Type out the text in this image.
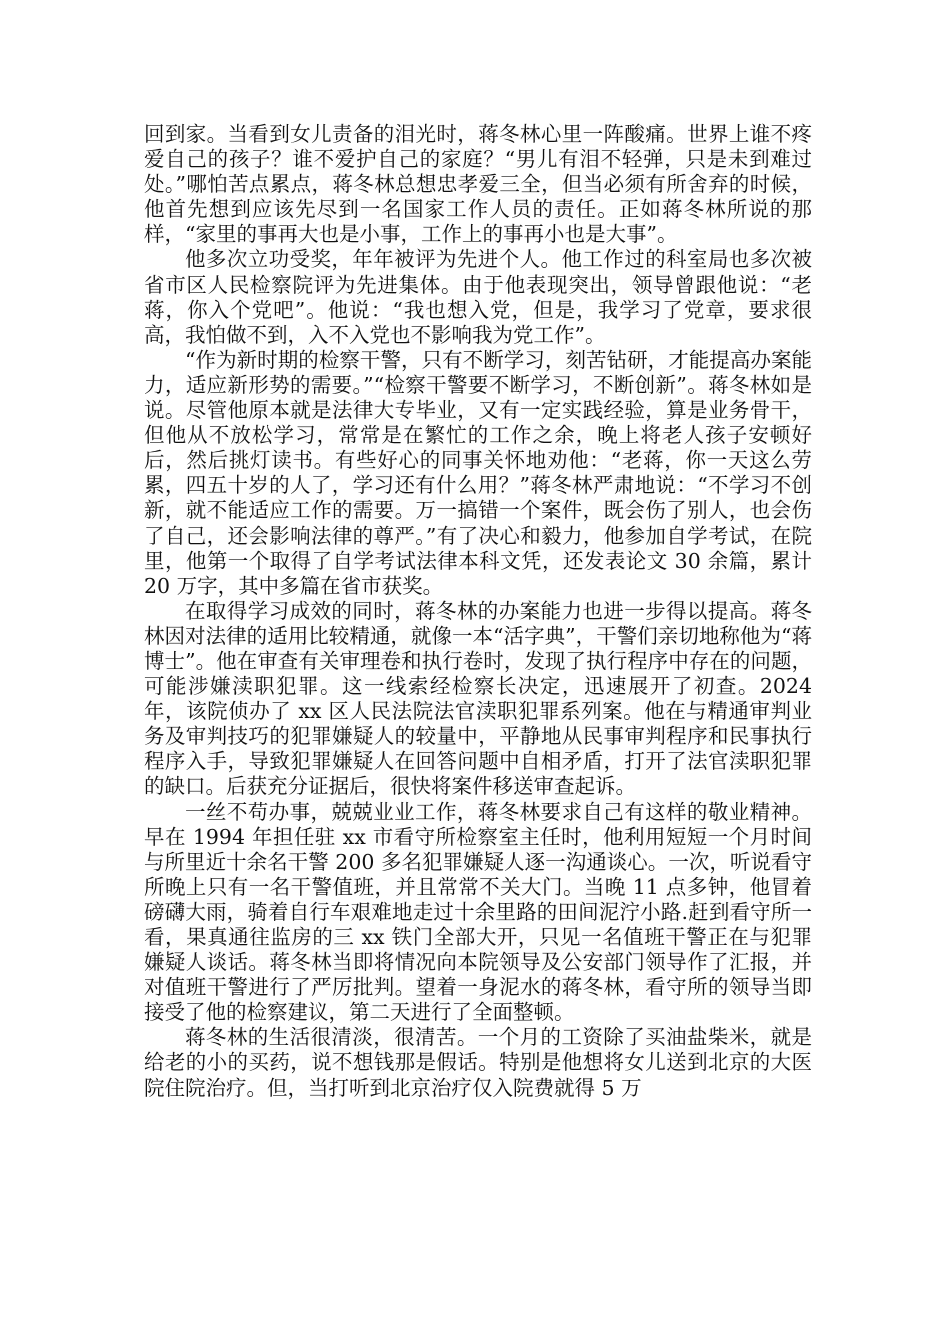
回到家。当看到女儿责备的泪光时，蒋冬林心里一阵酸痛。世界上谁不疼爱自己的孩子？谁不爱护自己的家庭？“男儿有泪不轻弹，只是未到难过处。”哪怕苦点累点，蒋冬林总想忠孝爱三全，但当必须有所舍弃的时候，他首先想到应该先尽到一名国家工作人员的责任。正如蒋冬林所说的那样，“家里的事再大也是小事，工作上的事再小也是大事”。

他多次立功受奖，年年被评为先进个人。他工作过的科室局也多次被省市区人民检察院评为先进集体。由于他表现突出，领导曾跟他说：“老蒋，你入个党吧”。他说：“我也想入党，但是，我学习了党章，要求很高，我怕做不到，入不入党也不影响我为党工作”。

“作为新时期的检察干警，只有不断学习，刻苦钻研，才能提高办案能力，适应新形势的需要。”“检察干警要不断学习，不断创新”。蒋冬林如是说。尽管他原本就是法律大专毕业，又有一定实践经验，算是业务骨干，但他从不放松学习，常常是在繁忙的工作之余，晚上将老人孩子安顿好后，然后挑灯读书。有些好心的同事关怀地劝他：“老蒋，你一天这么劳累，四五十岁的人了，学习还有什么用？”蒋冬林严肃地说：“不学习不创新，就不能适应工作的需要。万一搞错一个案件，既会伤了别人，也会伤了自己，还会影响法律的尊严。”有了决心和毅力，他参加自学考试，在院里，他第一个取得了自学考试法律本科文凭，还发表论文 30 余篇，累计 20 万字，其中多篇在省市获奖。

在取得学习成效的同时，蒋冬林的办案能力也进一步得以提高。蒋冬林因对法律的适用比较精通，就像一本“活字典”，干警们亲切地称他为“蒋博士”。他在审查有关审理卷和执行卷时，发现了执行程序中存在的问题，可能涉嫌渎职犯罪。这一线索经检察长决定，迅速展开了初查。2024 年，该院侦办了 xx 区人民法院法官渎职犯罪系列案。他在与精通审判业务及审判技巧的犯罪嫌疑人的较量中，平静地从民事审判程序和民事执行程序入手，导致犯罪嫌疑人在回答问题中自相矛盾，打开了法官渎职犯罪的缺口。后获充分证据后，很快将案件移送审查起诉。

一丝不苟办事，兢兢业业工作，蒋冬林要求自己有这样的敬业精神。早在 1994 年担任驻 xx 市看守所检察室主任时，他利用短短一个月时间与所里近十余名干警 200 多名犯罪嫌疑人逐一沟通谈心。一次，听说看守所晚上只有一名干警值班，并且常常不关大门。当晚 11 点多钟，他冒着磅礴大雨，骑着自行车艰难地走过十余里路的田间泥泞小路.赶到看守所一看，果真通往监房的三 xx 铁门全部大开，只见一名值班干警正在与犯罪嫌疑人谈话。蒋冬林当即将情况向本院领导及公安部门领导作了汇报，并对值班干警进行了严厉批判。望着一身泥水的蒋冬林，看守所的领导当即接受了他的检察建议，第二天进行了全面整顿。

蒋冬林的生活很清淡，很清苦。一个月的工资除了买油盐柴米，就是给老的小的买药，说不想钱那是假话。特别是他想将女儿送到北京的大医院住院治疗。但，当打听到北京治疗仅入院费就得 5 万
